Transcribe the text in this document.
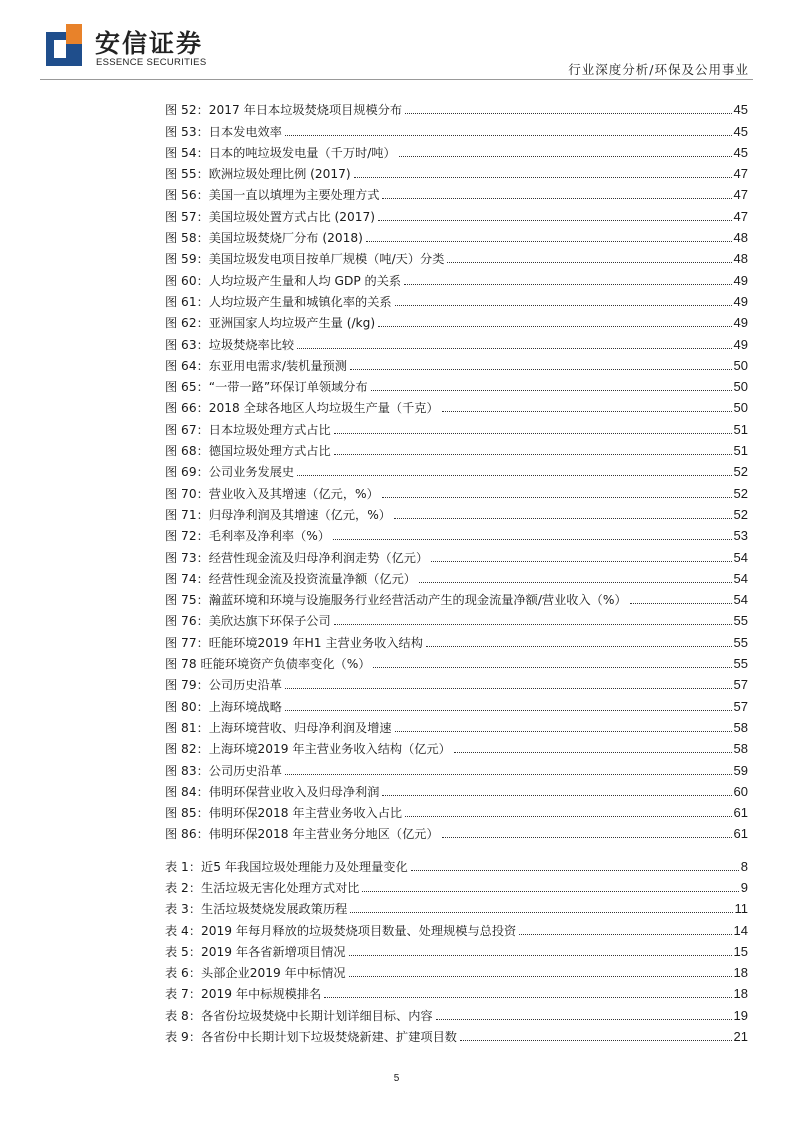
安信证券
ESSENCE SECURITIES	行业深度分析/环保及公用事业
图 52：2017 年日本垃圾焚烧项目规模分布	45
图 53：日本发电效率	45
图 54：日本的吨垃圾发电量（千万时/吨）	45
图 55：欧洲垃圾处理比例 (2017)	47
图 56：美国一直以填埋为主要处理方式	47
图 57：美国垃圾处置方式占比 (2017)	47
图 58：美国垃圾焚烧厂分布 (2018)	48
图 59：美国垃圾发电项目按单厂规模（吨/天）分类	48
图 60：人均垃圾产生量和人均 GDP 的关系	49
图 61：人均垃圾产生量和城镇化率的关系	49
图 62：亚洲国家人均垃圾产生量 (/kg)	49
图 63：垃圾焚烧率比较	49
图 64：东亚用电需求/装机量预测	50
图 65：“一带一路”环保订单领域分布	50
图 66：2018 全球各地区人均垃圾生产量（千克）	50
图 67：日本垃圾处理方式占比	51
图 68：德国垃圾处理方式占比	51
图 69：公司业务发展史	52
图 70：营业收入及其增速（亿元，%）	52
图 71：归母净利润及其增速（亿元，%）	52
图 72：毛利率及净利率（%）	53
图 73：经营性现金流及归母净利润走势（亿元）	54
图 74：经营性现金流及投资流量净额（亿元）	54
图 75：瀚蓝环境和环境与设施服务行业经营活动产生的现金流量净额/营业收入（%）	54
图 76：美欣达旗下环保子公司	55
图 77：旺能环境2019 年H1 主营业务收入结构	55
图 78 旺能环境资产负债率变化（%）	55
图 79：公司历史沿革	57
图 80：上海环境战略	57
图 81：上海环境营收、归母净利润及增速	58
图 82：上海环境2019 年主营业务收入结构（亿元）	58
图 83：公司历史沿革	59
图 84：伟明环保营业收入及归母净利润	60
图 85：伟明环保2018 年主营业务收入占比	61
图 86：伟明环保2018 年主营业务分地区（亿元）	61
表 1：近5 年我国垃圾处理能力及处理量变化	8
表 2：生活垃圾无害化处理方式对比	9
表 3：生活垃圾焚烧发展政策历程	11
表 4：2019 年每月释放的垃圾焚烧项目数量、处理规模与总投资	14
表 5：2019 年各省新增项目情况	15
表 6：头部企业2019 年中标情况	18
表 7：2019 年中标规模排名	18
表 8：各省份垃圾焚烧中长期计划详细目标、内容	19
表 9：各省份中长期计划下垃圾焚烧新建、扩建项目数	21
5
